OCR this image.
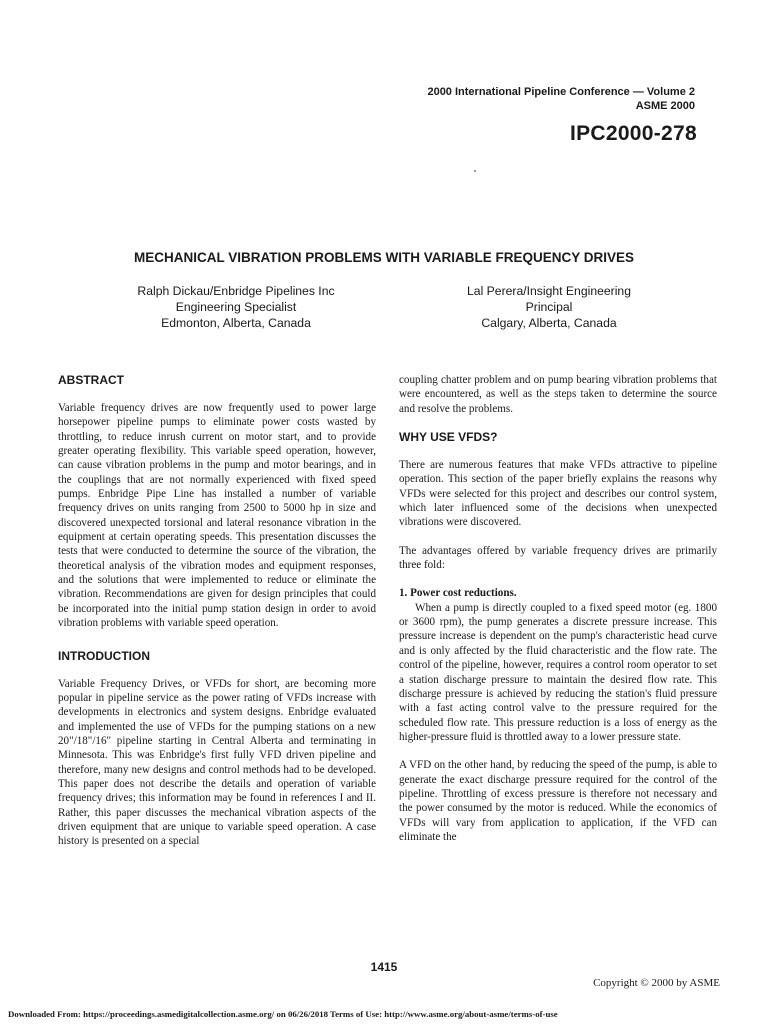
2000 International Pipeline Conference — Volume 2
ASME 2000
IPC2000-278
MECHANICAL VIBRATION PROBLEMS WITH VARIABLE FREQUENCY DRIVES
Ralph Dickau/Enbridge Pipelines Inc
Engineering Specialist
Edmonton, Alberta, Canada
Lal Perera/Insight Engineering
Principal
Calgary, Alberta, Canada
ABSTRACT

Variable frequency drives are now frequently used to power large horsepower pipeline pumps to eliminate power costs wasted by throttling, to reduce inrush current on motor start, and to provide greater operating flexibility. This variable speed operation, however, can cause vibration problems in the pump and motor bearings, and in the couplings that are not normally experienced with fixed speed pumps. Enbridge Pipe Line has installed a number of variable frequency drives on units ranging from 2500 to 5000 hp in size and discovered unexpected torsional and lateral resonance vibration in the equipment at certain operating speeds. This presentation discusses the tests that were conducted to determine the source of the vibration, the theoretical analysis of the vibration modes and equipment responses, and the solutions that were implemented to reduce or eliminate the vibration. Recommendations are given for design principles that could be incorporated into the initial pump station design in order to avoid vibration problems with variable speed operation.

INTRODUCTION

Variable Frequency Drives, or VFDs for short, are becoming more popular in pipeline service as the power rating of VFDs increase with developments in electronics and system designs. Enbridge evaluated and implemented the use of VFDs for the pumping stations on a new 20"/18"/16" pipeline starting in Central Alberta and terminating in Minnesota. This was Enbridge's first fully VFD driven pipeline and therefore, many new designs and control methods had to be developed. This paper does not describe the details and operation of variable frequency drives; this information may be found in references I and II. Rather, this paper discusses the mechanical vibration aspects of the driven equipment that are unique to variable speed operation. A case history is presented on a special

coupling chatter problem and on pump bearing vibration problems that were encountered, as well as the steps taken to determine the source and resolve the problems.

WHY USE VFDS?

There are numerous features that make VFDs attractive to pipeline operation. This section of the paper briefly explains the reasons why VFDs were selected for this project and describes our control system, which later influenced some of the decisions when unexpected vibrations were discovered.

The advantages offered by variable frequency drives are primarily three fold:

1. Power cost reductions.

When a pump is directly coupled to a fixed speed motor (eg. 1800 or 3600 rpm), the pump generates a discrete pressure increase. This pressure increase is dependent on the pump's characteristic head curve and is only affected by the fluid characteristic and the flow rate. The control of the pipeline, however, requires a control room operator to set a station discharge pressure to maintain the desired flow rate. This discharge pressure is achieved by reducing the station's fluid pressure with a fast acting control valve to the pressure required for the scheduled flow rate. This pressure reduction is a loss of energy as the higher-pressure fluid is throttled away to a lower pressure state.

A VFD on the other hand, by reducing the speed of the pump, is able to generate the exact discharge pressure required for the control of the pipeline. Throttling of excess pressure is therefore not necessary and the power consumed by the motor is reduced. While the economics of VFDs will vary from application to application, if the VFD can eliminate the

1415
Copyright © 2000 by ASME
Downloaded From: https://proceedings.asmedigitalcollection.asme.org/ on 06/26/2018 Terms of Use: http://www.asme.org/about-asme/terms-of-use
